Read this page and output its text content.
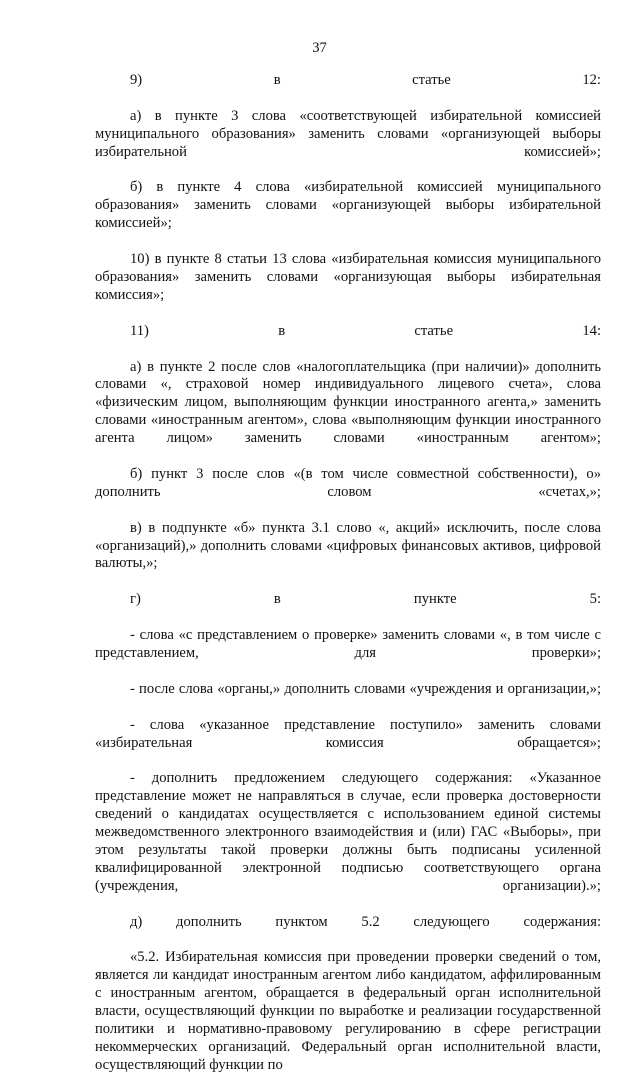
37

9) в статье 12:

а) в пункте 3 слова «соответствующей избирательной комиссией муниципального образования» заменить словами «организующей выборы избирательной комиссией»;

б) в пункте 4 слова «избирательной комиссией муниципального образования» заменить словами «организующей выборы избирательной комиссией»;

10) в пункте 8 статьи 13 слова «избирательная комиссия муниципального образования» заменить словами «организующая выборы избирательная комиссия»;

11) в статье 14:

а) в пункте 2 после слов «налогоплательщика (при наличии)» дополнить словами «, страховой номер индивидуального лицевого счета», слова «физическим лицом, выполняющим функции иностранного агента,» заменить словами «иностранным агентом», слова «выполняющим функции иностранного агента лицом» заменить словами «иностранным агентом»;

б) пункт 3 после слов «(в том числе совместной собственности), о» дополнить словом «счетах,»;

в) в подпункте «б» пункта 3.1 слово «, акций» исключить, после слова «организаций),» дополнить словами «цифровых финансовых активов, цифровой валюты,»;

г) в пункте 5:

- слова «с представлением о проверке» заменить словами «, в том числе с представлением, для проверки»;

- после слова «органы,» дополнить словами «учреждения и организации,»;

- слова «указанное представление поступило» заменить словами «избирательная комиссия обращается»;

- дополнить предложением следующего содержания: «Указанное представление может не направляться в случае, если проверка достоверности сведений о кандидатах осуществляется с использованием единой системы межведомственного электронного взаимодействия и (или) ГАС «Выборы», при этом результаты такой проверки должны быть подписаны усиленной квалифицированной электронной подписью соответствующего органа (учреждения, организации).»;

д) дополнить пунктом 5.2 следующего содержания:

«5.2. Избирательная комиссия при проведении проверки сведений о том, является ли кандидат иностранным агентом либо кандидатом, аффилированным с иностранным агентом, обращается в федеральный орган исполнительной власти, осуществляющий функции по выработке и реализации государственной политики и нормативно-правовому регулированию в сфере регистрации некоммерческих организаций. Федеральный орган исполнительной власти, осуществляющий функции по
